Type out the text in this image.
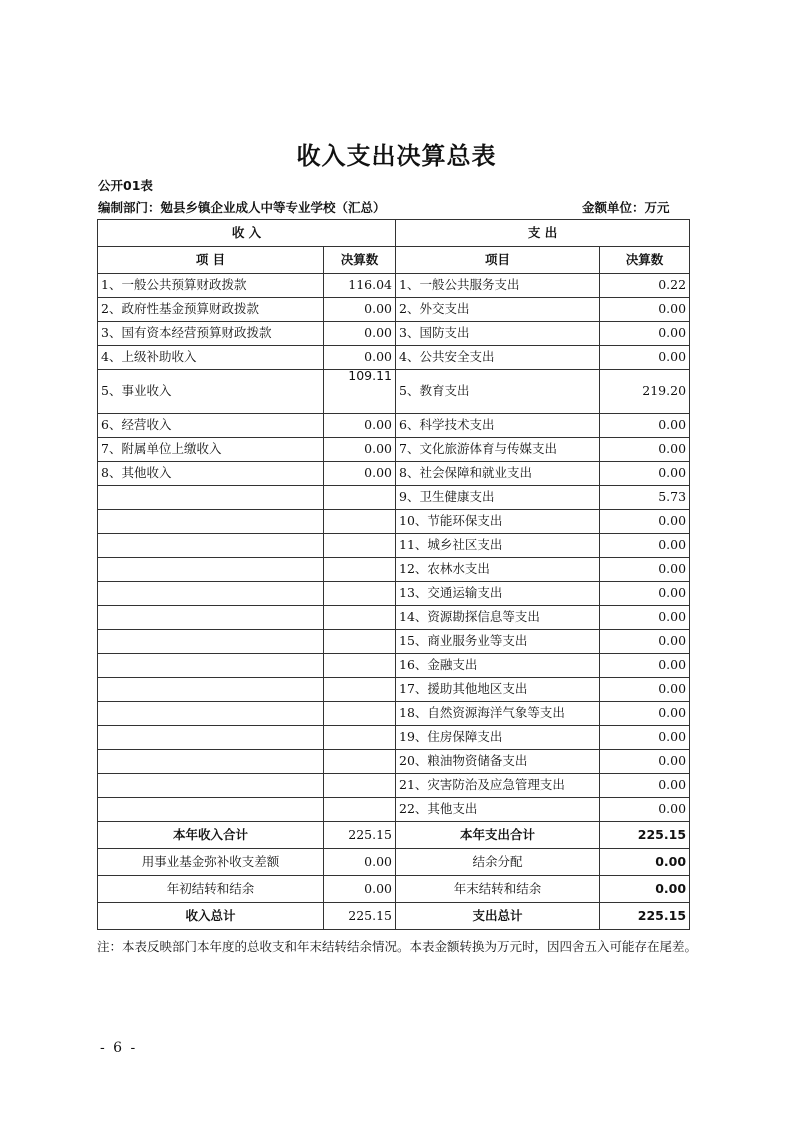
收入支出决算总表
公开01表
编制部门：勉县乡镇企业成人中等专业学校（汇总）	金额单位：万元
收 入		支 出	
项 目	决算数	项目	决算数
1、一般公共预算财政拨款	116.04	1、一般公共服务支出	0.22
2、政府性基金预算财政拨款	0.00	2、外交支出	0.00
3、国有资本经营预算财政拨款	0.00	3、国防支出	0.00
4、上级补助收入	0.00	4、公共安全支出	0.00
5、事业收入	109.11	5、教育支出	219.20
6、经营收入	0.00	6、科学技术支出	0.00
7、附属单位上缴收入	0.00	7、文化旅游体育与传媒支出	0.00
8、其他收入	0.00	8、社会保障和就业支出	0.00
		9、卫生健康支出	5.73
		10、节能环保支出	0.00
		11、城乡社区支出	0.00
		12、农林水支出	0.00
		13、交通运输支出	0.00
		14、资源勘探信息等支出	0.00
		15、商业服务业等支出	0.00
		16、金融支出	0.00
		17、援助其他地区支出	0.00
		18、自然资源海洋气象等支出	0.00
		19、住房保障支出	0.00
		20、粮油物资储备支出	0.00
		21、灾害防治及应急管理支出	0.00
		22、其他支出	0.00
本年收入合计	225.15	本年支出合计	225.15
用事业基金弥补收支差额	0.00	结余分配	0.00
年初结转和结余	0.00	年末结转和结余	0.00
收入总计	225.15	支出总计	225.15
注：本表反映部门本年度的总收支和年末结转结余情况。本表金额转换为万元时，因四舍五入可能存在尾差。
- 6 -
